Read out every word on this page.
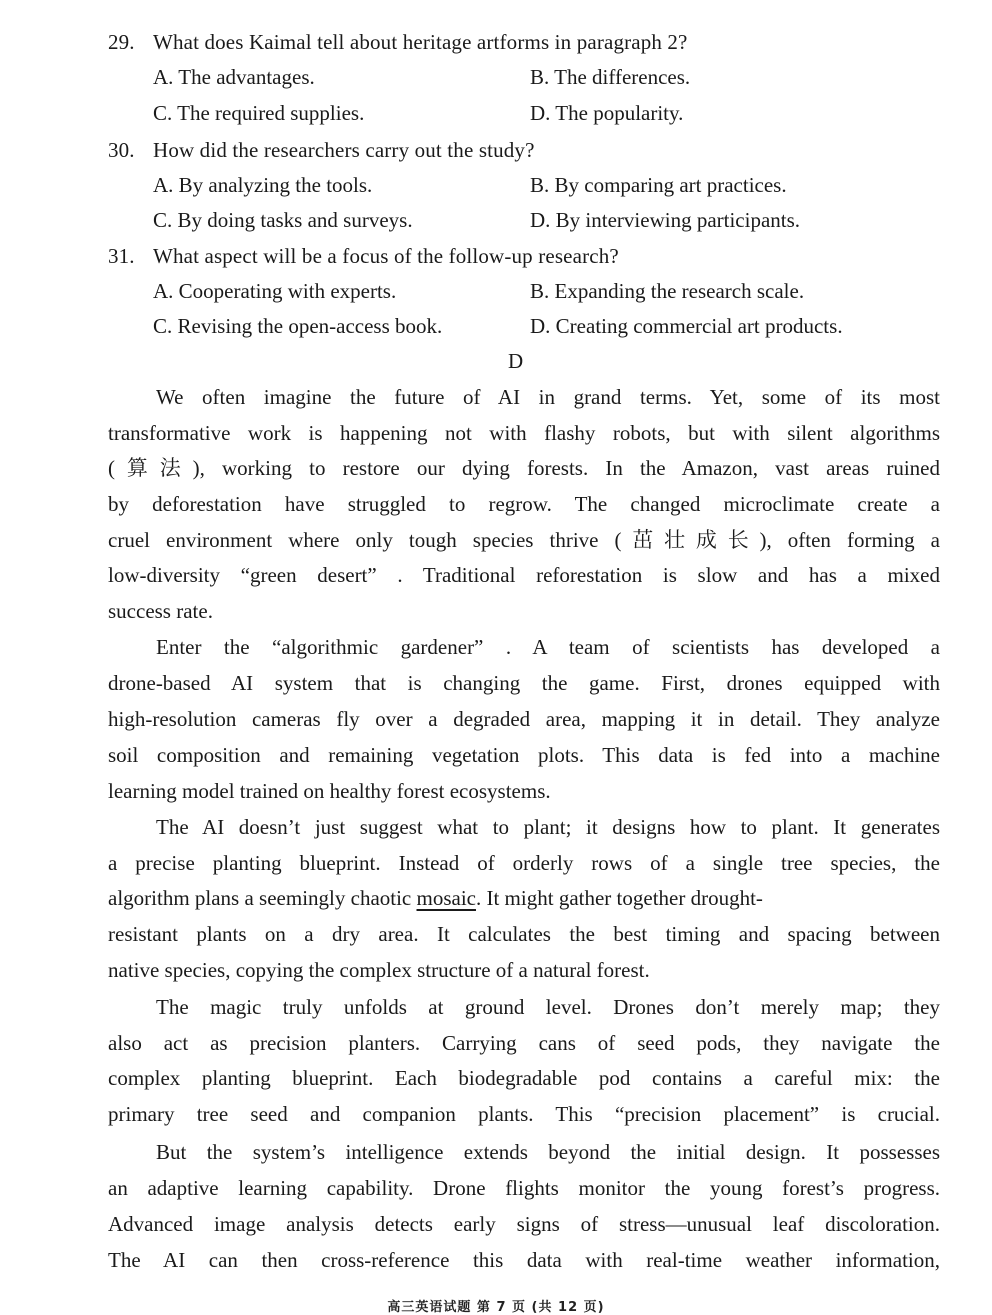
29. What does Kaimal tell about heritage artforms in paragraph 2?
A. The advantages.	B. The differences.
C. The required supplies.	D. The popularity.
30. How did the researchers carry out the study?
A. By analyzing the tools.	B. By comparing art practices.
C. By doing tasks and surveys.	D. By interviewing participants.
31. What aspect will be a focus of the follow-up research?
A. Cooperating with experts.	B. Expanding the research scale.
C. Revising the open-access book.	D. Creating commercial art products.
D
We often imagine the future of AI in grand terms. Yet, some of its most
transformative work is happening not with flashy robots, but with silent algorithms
(算法), working to restore our dying forests. In the Amazon, vast areas ruined
by deforestation have struggled to regrow. The changed microclimate create a
cruel environment where only tough species thrive (茁壮成长), often forming a
low-diversity “green desert” . Traditional reforestation is slow and has a mixed
success rate.
Enter the “algorithmic gardener” . A team of scientists has developed a
drone-based AI system that is changing the game. First, drones equipped with
high-resolution cameras fly over a degraded area, mapping it in detail. They analyze
soil composition and remaining vegetation plots. This data is fed into a machine
learning model trained on healthy forest ecosystems.
The AI doesn’t just suggest what to plant; it designs how to plant. It generates
a precise planting blueprint. Instead of orderly rows of a single tree species, the
algorithm plans a seemingly chaotic mosaic. It might gather together drought-
resistant plants on a dry area. It calculates the best timing and spacing between
native species, copying the complex structure of a natural forest.
The magic truly unfolds at ground level. Drones don’t merely map; they
also act as precision planters. Carrying cans of seed pods, they navigate the
complex planting blueprint. Each biodegradable pod contains a careful mix: the
primary tree seed and companion plants. This “precision placement” is crucial.
But the system’s intelligence extends beyond the initial design. It possesses
an adaptive learning capability. Drone flights monitor the young forest’s progress.
Advanced image analysis detects early signs of stress—unusual leaf discoloration.
The AI can then cross-reference this data with real-time weather information,
高三英语试题 第 7 页 (共 12 页)
